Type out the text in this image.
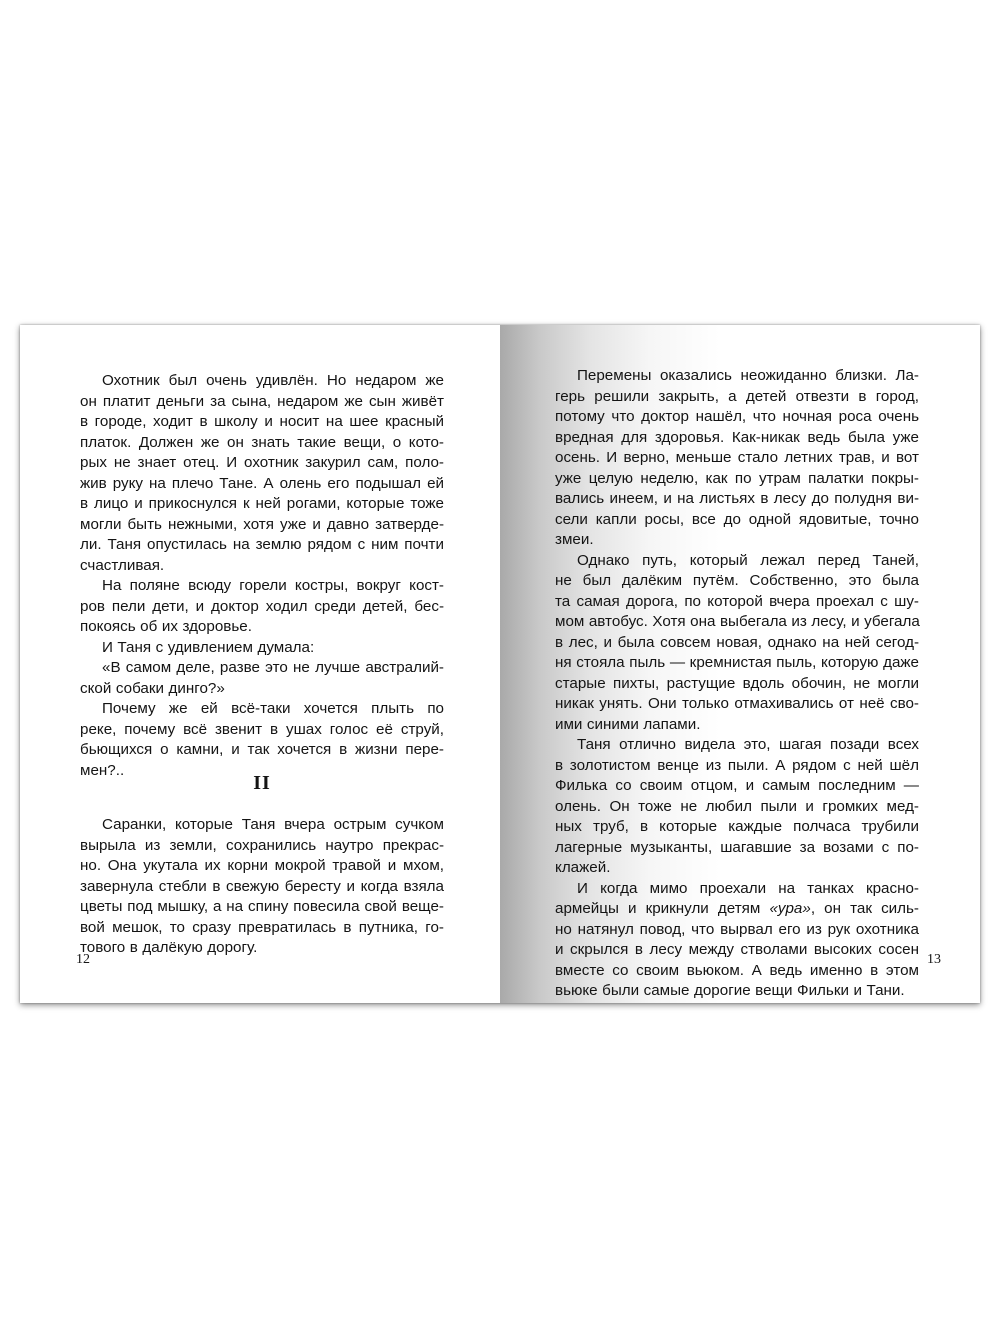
Охотник был очень удивлён. Но недаром же
он платит деньги за сына, недаром же сын живёт
в городе, ходит в школу и носит на шее красный
платок. Должен же он знать такие вещи, о кото-
рых не знает отец. И охотник закурил сам, поло-
жив руку на плечо Тане. А олень его подышал ей
в лицо и прикоснулся к ней рогами, которые тоже
могли быть нежными, хотя уже и давно затверде-
ли. Таня опустилась на землю рядом с ним почти
счастливая.
На поляне всюду горели костры, вокруг кост-
ров пели дети, и доктор ходил среди детей, бес-
покоясь об их здоровье.
И Таня с удивлением думала:
«В самом деле, разве это не лучше австралий-
ской собаки динго?»
Почему же ей всё-таки хочется плыть по
реке, почему всё звенит в ушах голос её струй,
бьющихся о камни, и так хочется в жизни пере-
мен?..
II
Саранки, которые Таня вчера острым сучком
вырыла из земли, сохранились наутро прекрас-
но. Она укутала их корни мокрой травой и мхом,
завернула стебли в свежую бересту и когда взяла
цветы под мышку, а на спину повесила свой веще-
вой мешок, то сразу превратилась в путника, го-
тового в далёкую дорогу.
12
Перемены оказались неожиданно близки. Ла-
герь решили закрыть, а детей отвезти в город,
потому что доктор нашёл, что ночная роса очень
вредная для здоровья. Как-никак ведь была уже
осень. И верно, меньше стало летних трав, и вот
уже целую неделю, как по утрам палатки покры-
вались инеем, и на листьях в лесу до полудня ви-
сели капли росы, все до одной ядовитые, точно
змеи.
Однако путь, который лежал перед Таней,
не был далёким путём. Собственно, это была
та самая дорога, по которой вчера проехал с шу-
мом автобус. Хотя она выбегала из лесу, и убегала
в лес, и была совсем новая, однако на ней сегод-
ня стояла пыль — кремнистая пыль, которую даже
старые пихты, растущие вдоль обочин, не могли
никак унять. Они только отмахивались от неё сво-
ими синими лапами.
Таня отлично видела это, шагая позади всех
в золотистом венце из пыли. А рядом с ней шёл
Филька со своим отцом, и самым последним —
олень. Он тоже не любил пыли и громких мед-
ных труб, в которые каждые полчаса трубили
лагерные музыканты, шагавшие за возами с по-
клажей.
И когда мимо проехали на танках красно-
армейцы и крикнули детям «ура», он так силь-
но натянул повод, что вырвал его из рук охотника
и скрылся в лесу между стволами высоких сосен
вместе со своим вьюком. А ведь именно в этом
вьюке были самые дорогие вещи Фильки и Тани.
13
